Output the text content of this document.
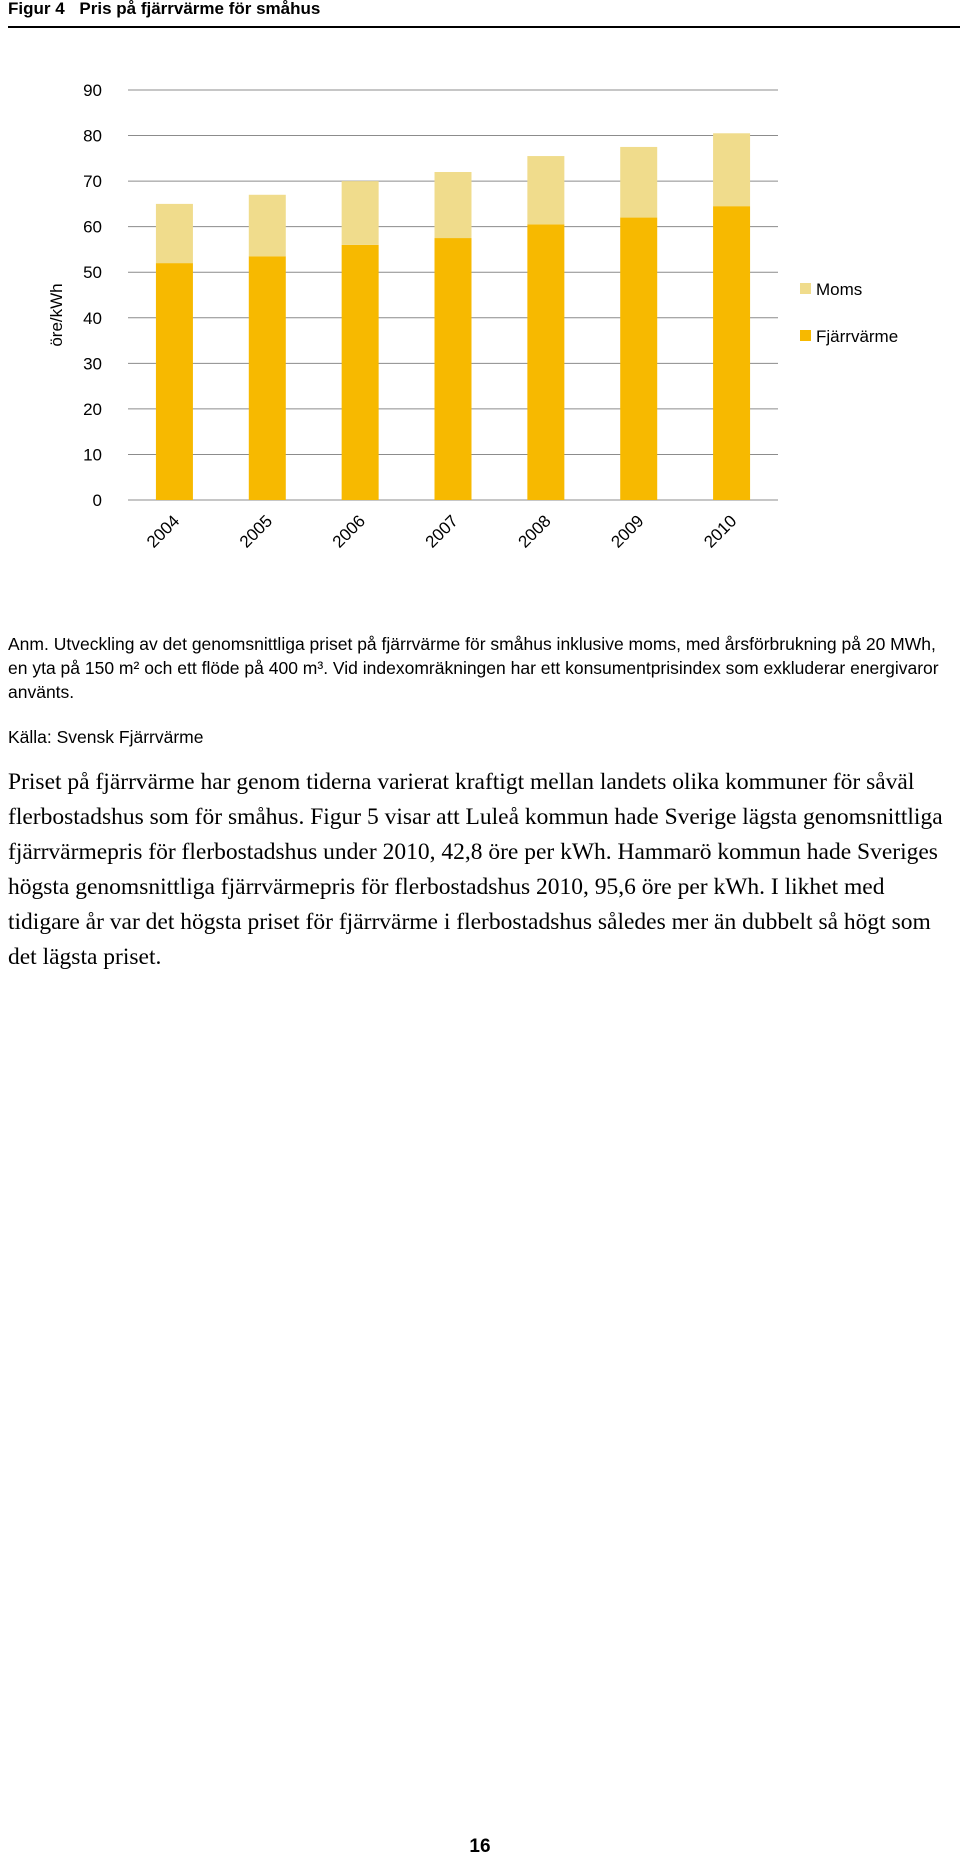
Figur 4 Pris på fjärrvärme för småhus
0
10
20
30
40
50
60
70
80
90
2004	2005	2006	2007	2008	2009	2010
öre/kWh	Moms
Fjärrvärme
Anm. Utveckling av det genomsnittliga priset på fjärrvärme för småhus inklusive moms, med årsförbrukning på 20 MWh, en yta på 150 m² och ett flöde på 400 m³. Vid indexomräkningen har ett konsumentprisindex som exkluderar energivaror använts.
Källa: Svensk Fjärrvärme
Priset på fjärrvärme har genom tiderna varierat kraftigt mellan landets olika kommuner för såväl flerbostadshus som för småhus. Figur 5 visar att Luleå kommun hade Sverige lägsta genomsnittliga fjärrvärmepris för flerbostadshus under 2010, 42,8 öre per kWh. Hammarö kommun hade Sveriges högsta genomsnittliga fjärrvärmepris för flerbostadshus 2010, 95,6 öre per kWh. I likhet med tidigare år var det högsta priset för fjärrvärme i flerbostadshus således mer än dubbelt så högt som det lägsta priset.
16
